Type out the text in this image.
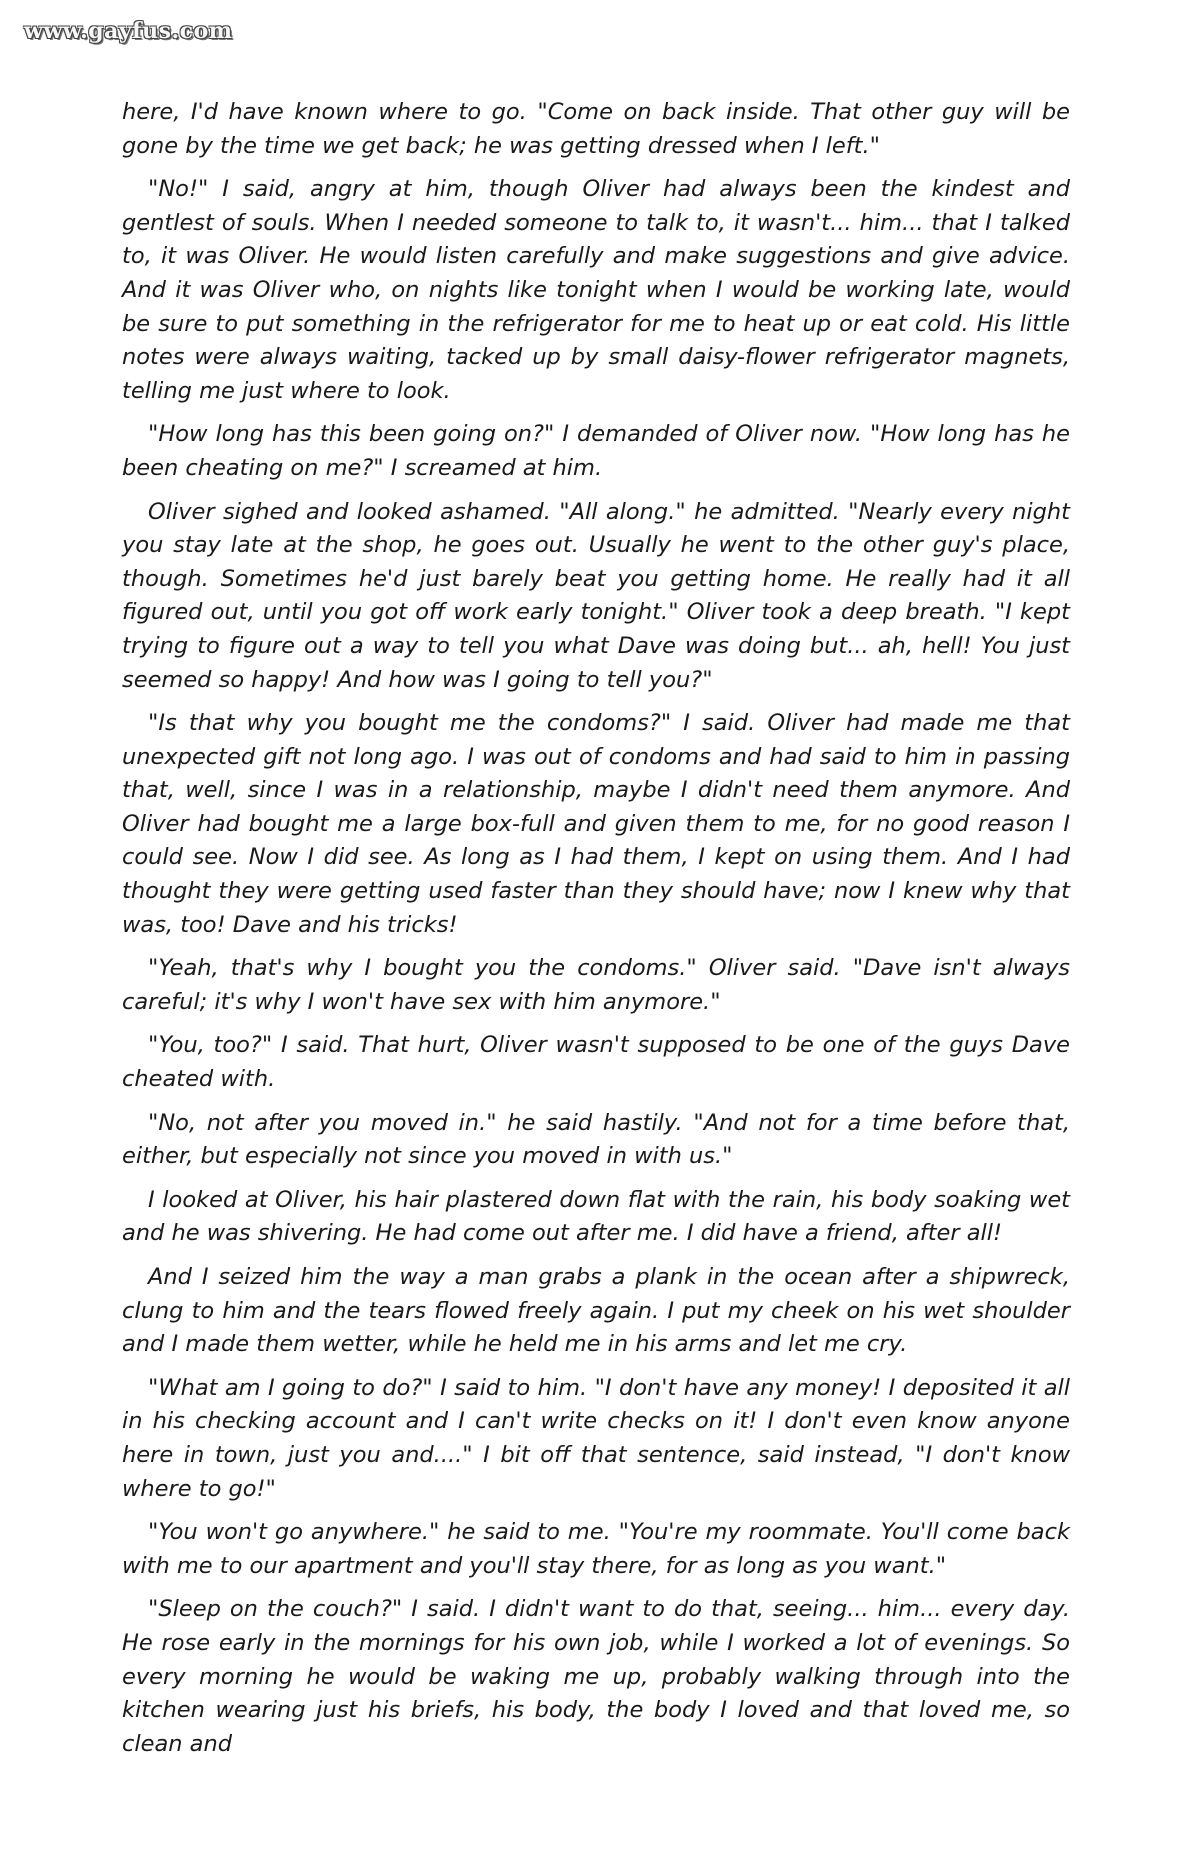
www.gayfus.com

here, I'd have known where to go. "Come on back inside. That other guy will be gone by the time we get back; he was getting dressed when I left."

"No!" I said, angry at him, though Oliver had always been the kindest and gentlest of souls. When I needed someone to talk to, it wasn't... him... that I talked to, it was Oliver. He would listen carefully and make suggestions and give advice. And it was Oliver who, on nights like tonight when I would be working late, would be sure to put something in the refrigerator for me to heat up or eat cold. His little notes were always waiting, tacked up by small daisy-flower refrigerator magnets, telling me just where to look.

"How long has this been going on?" I demanded of Oliver now. "How long has he been cheating on me?" I screamed at him.

Oliver sighed and looked ashamed. "All along." he admitted. "Nearly every night you stay late at the shop, he goes out. Usually he went to the other guy's place, though. Sometimes he'd just barely beat you getting home. He really had it all figured out, until you got off work early tonight." Oliver took a deep breath. "I kept trying to figure out a way to tell you what Dave was doing but... ah, hell! You just seemed so happy! And how was I going to tell you?"

"Is that why you bought me the condoms?" I said. Oliver had made me that unexpected gift not long ago. I was out of condoms and had said to him in passing that, well, since I was in a relationship, maybe I didn't need them anymore. And Oliver had bought me a large box-full and given them to me, for no good reason I could see. Now I did see. As long as I had them, I kept on using them. And I had thought they were getting used faster than they should have; now I knew why that was, too! Dave and his tricks!

"Yeah, that's why I bought you the condoms." Oliver said. "Dave isn't always careful; it's why I won't have sex with him anymore."

"You, too?" I said. That hurt, Oliver wasn't supposed to be one of the guys Dave cheated with.

"No, not after you moved in." he said hastily. "And not for a time before that, either, but especially not since you moved in with us."

I looked at Oliver, his hair plastered down flat with the rain, his body soaking wet and he was shivering. He had come out after me. I did have a friend, after all!

And I seized him the way a man grabs a plank in the ocean after a shipwreck, clung to him and the tears flowed freely again. I put my cheek on his wet shoulder and I made them wetter, while he held me in his arms and let me cry.

"What am I going to do?" I said to him. "I don't have any money! I deposited it all in his checking account and I can't write checks on it! I don't even know anyone here in town, just you and...." I bit off that sentence, said instead, "I don't know where to go!"

"You won't go anywhere." he said to me. "You're my roommate. You'll come back with me to our apartment and you'll stay there, for as long as you want."

"Sleep on the couch?" I said. I didn't want to do that, seeing... him... every day. He rose early in the mornings for his own job, while I worked a lot of evenings. So every morning he would be waking me up, probably walking through into the kitchen wearing just his briefs, his body, the body I loved and that loved me, so clean and
